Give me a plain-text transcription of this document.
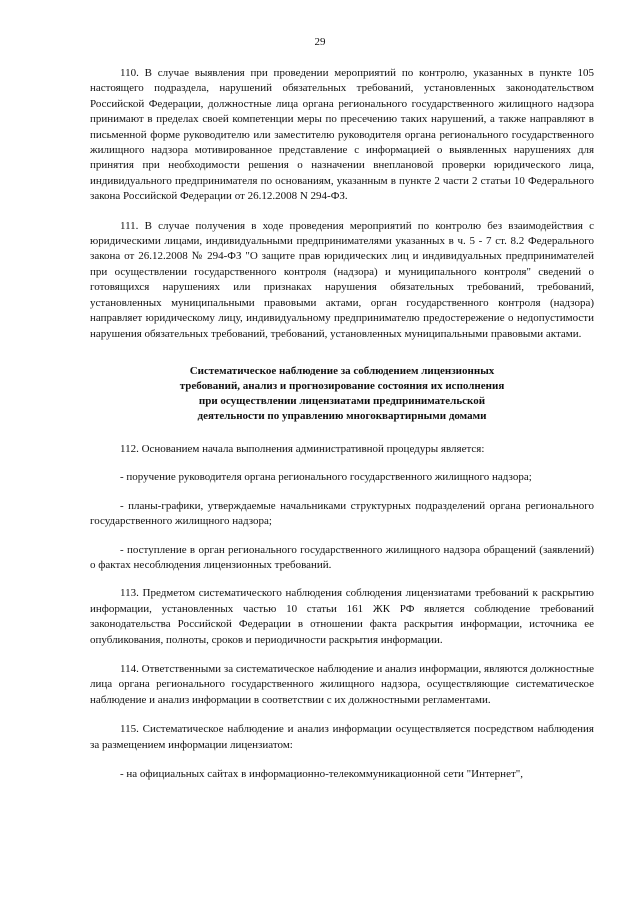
29

110. В случае выявления при проведении мероприятий по контролю, указанных в пункте 105 настоящего подраздела, нарушений обязательных требований, установленных законодательством Российской Федерации, должностные лица органа регионального государственного жилищного надзора принимают в пределах своей компетенции меры по пресечению таких нарушений, а также направляют в письменной форме руководителю или заместителю руководителя органа регионального государственного жилищного надзора мотивированное представление с информацией о выявленных нарушениях для принятия при необходимости решения о назначении внеплановой проверки юридического лица, индивидуального предпринимателя по основаниям, указанным в пункте 2 части 2 статьи 10 Федерального закона Российской Федерации от 26.12.2008 N 294-ФЗ.

111. В случае получения в ходе проведения мероприятий по контролю без взаимодействия с юридическими лицами, индивидуальными предпринимателями указанных в ч. 5 - 7 ст. 8.2 Федерального закона от 26.12.2008 № 294-ФЗ "О защите прав юридических лиц и индивидуальных предпринимателей при осуществлении государственного контроля (надзора) и муниципального контроля" сведений о готовящихся нарушениях или признаках нарушения обязательных требований, требований, установленных муниципальными правовыми актами, орган государственного контроля (надзора) направляет юридическому лицу, индивидуальному предпринимателю предостережение о недопустимости нарушения обязательных требований, требований, установленных муниципальными правовыми актами.

Систематическое наблюдение за соблюдением лицензионных
требований, анализ и прогнозирование состояния их исполнения
при осуществлении лицензиатами предпринимательской
деятельности по управлению многоквартирными домами

112. Основанием начала выполнения административной процедуры является:

- поручение руководителя органа регионального государственного жилищного надзора;

- планы-графики, утверждаемые начальниками структурных подразделений органа регионального государственного жилищного надзора;

- поступление в орган регионального государственного жилищного надзора обращений (заявлений) о фактах несоблюдения лицензионных требований.

113. Предметом систематического наблюдения соблюдения лицензиатами требований к раскрытию информации, установленных частью 10 статьи 161 ЖК РФ является соблюдение требований законодательства Российской Федерации в отношении факта раскрытия информации, источника ее опубликования, полноты, сроков и периодичности раскрытия информации.

114. Ответственными за систематическое наблюдение и анализ информации, являются должностные лица органа регионального государственного жилищного надзора, осуществляющие систематическое наблюдение и анализ информации в соответствии с их должностными регламентами.

115. Систематическое наблюдение и анализ информации осуществляется посредством наблюдения за размещением информации лицензиатом:

- на официальных сайтах в информационно-телекоммуникационной сети "Интернет",
